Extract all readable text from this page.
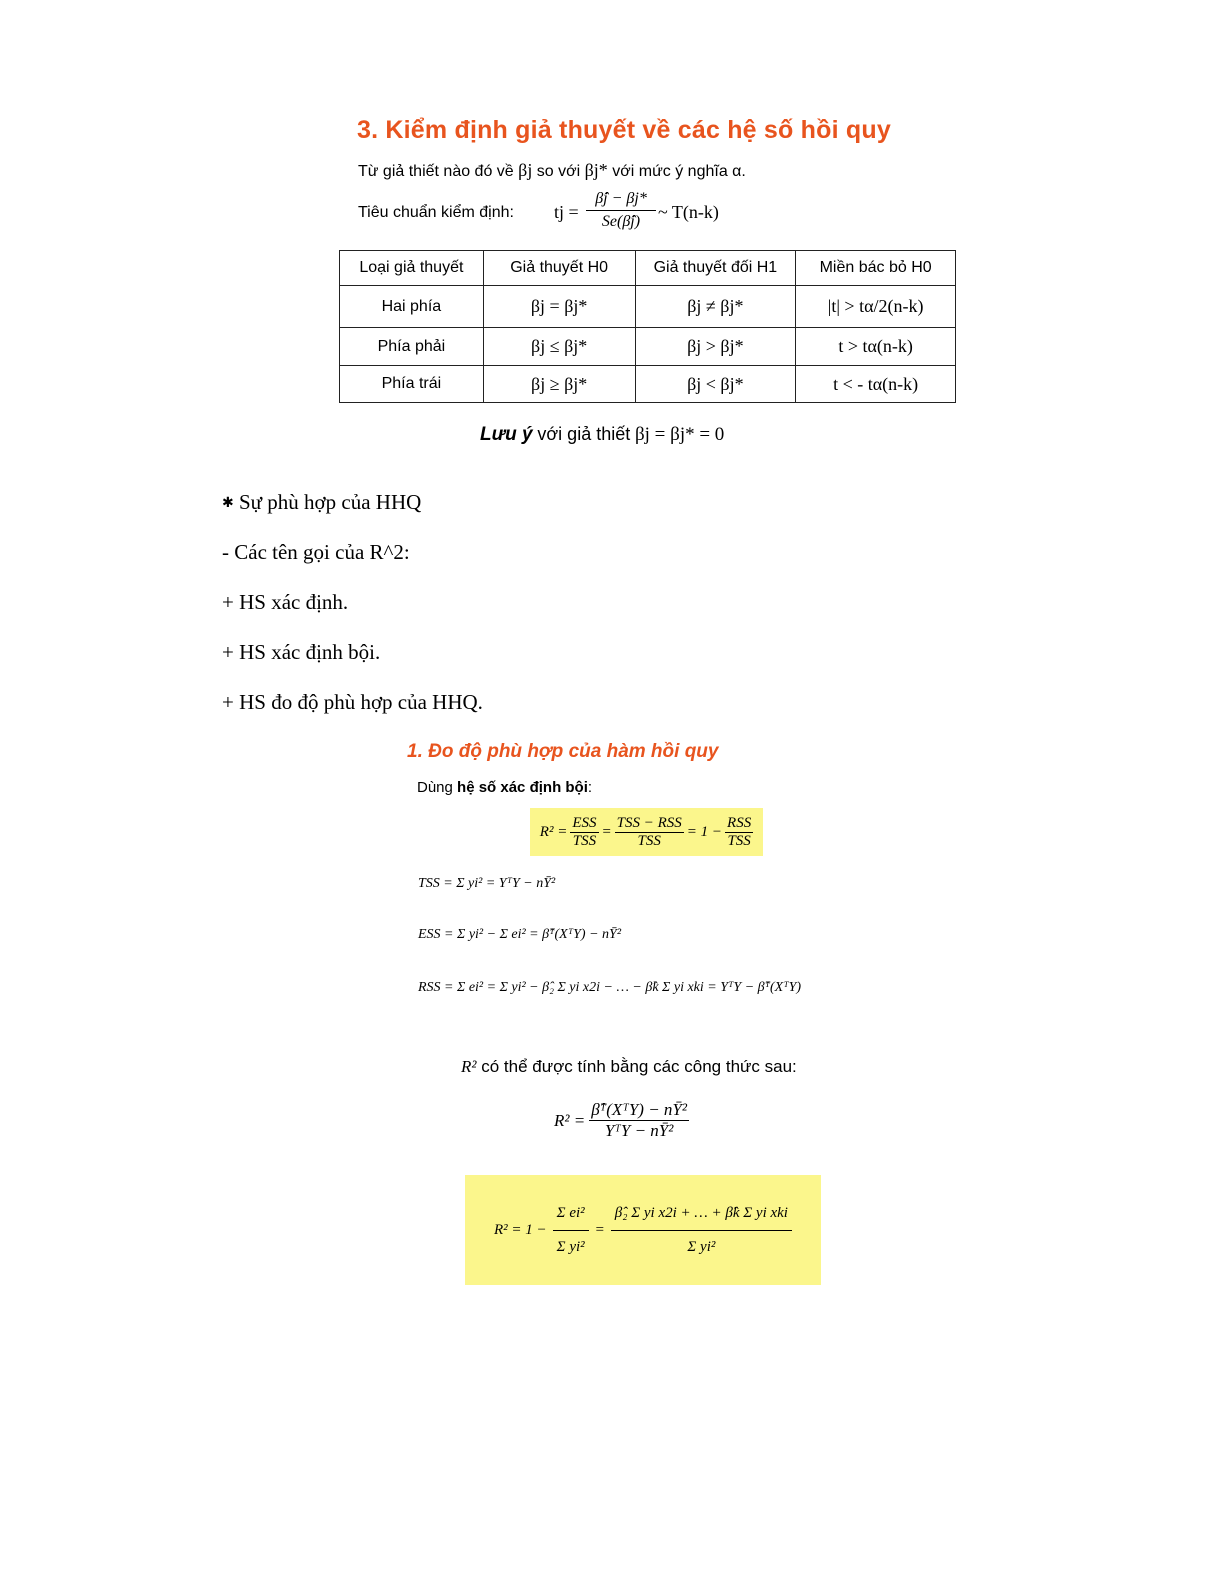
3. Kiểm định giả thuyết về các hệ số hồi quy
Từ giả thiết nào đó về βj so với βj* với mức ý nghĩa α.
Tiêu chuẩn kiểm định: tj = $\frac{\betâj - \beta j*}{Se(\betâj)}$ ~ T(n-k)
Loại giả thuyết	Giả thuyết H0	Giả thuyết đối H1	Miền bác bỏ H0
Hai phía	βj = βj*	βj ≠ βj*	|t| > tα/2(n-k)
Phía phải	βj ≤ βj*	βj > βj*	t > tα(n-k)
Phía trái	βj ≥ βj*	βj < βj*	t < - tα(n-k)
Lưu ý với giả thiết βj = βj* = 0
✱ Sự phù hợp của HHQ
- Các tên gọi của R^2:
+ HS xác định.
+ HS xác định bội.
+ HS đo độ phù hợp của HHQ.
1. Đo độ phù hợp của hàm hồi quy
Dùng hệ số xác định bội:
R² =
ESS
TSS
=
TSS − RSS
TSS
= 1 −
RSS
TSS
TSS = Σ yi² = YᵀY − nȲ²
ESS = Σ yi² − Σ ei² = β̂ᵀ(XᵀY) − nȲ²
RSS = Σ ei² = Σ yi² − β̂₂ Σ yi x2i − … − β̂k Σ yi xki = YᵀY − β̂ᵀ(XᵀY)
R² có thể được tính bằng các công thức sau:
R² =
β̂ᵀ(XᵀY) − nȲ²
YᵀY − nȲ²
$R^2 = 1 - \frac{\text{Σ ei²}}{\text{Σ yi²}}$ =
β̂₂ Σ yi x2i + … + β̂k Σ yi xki
Σ yi²
